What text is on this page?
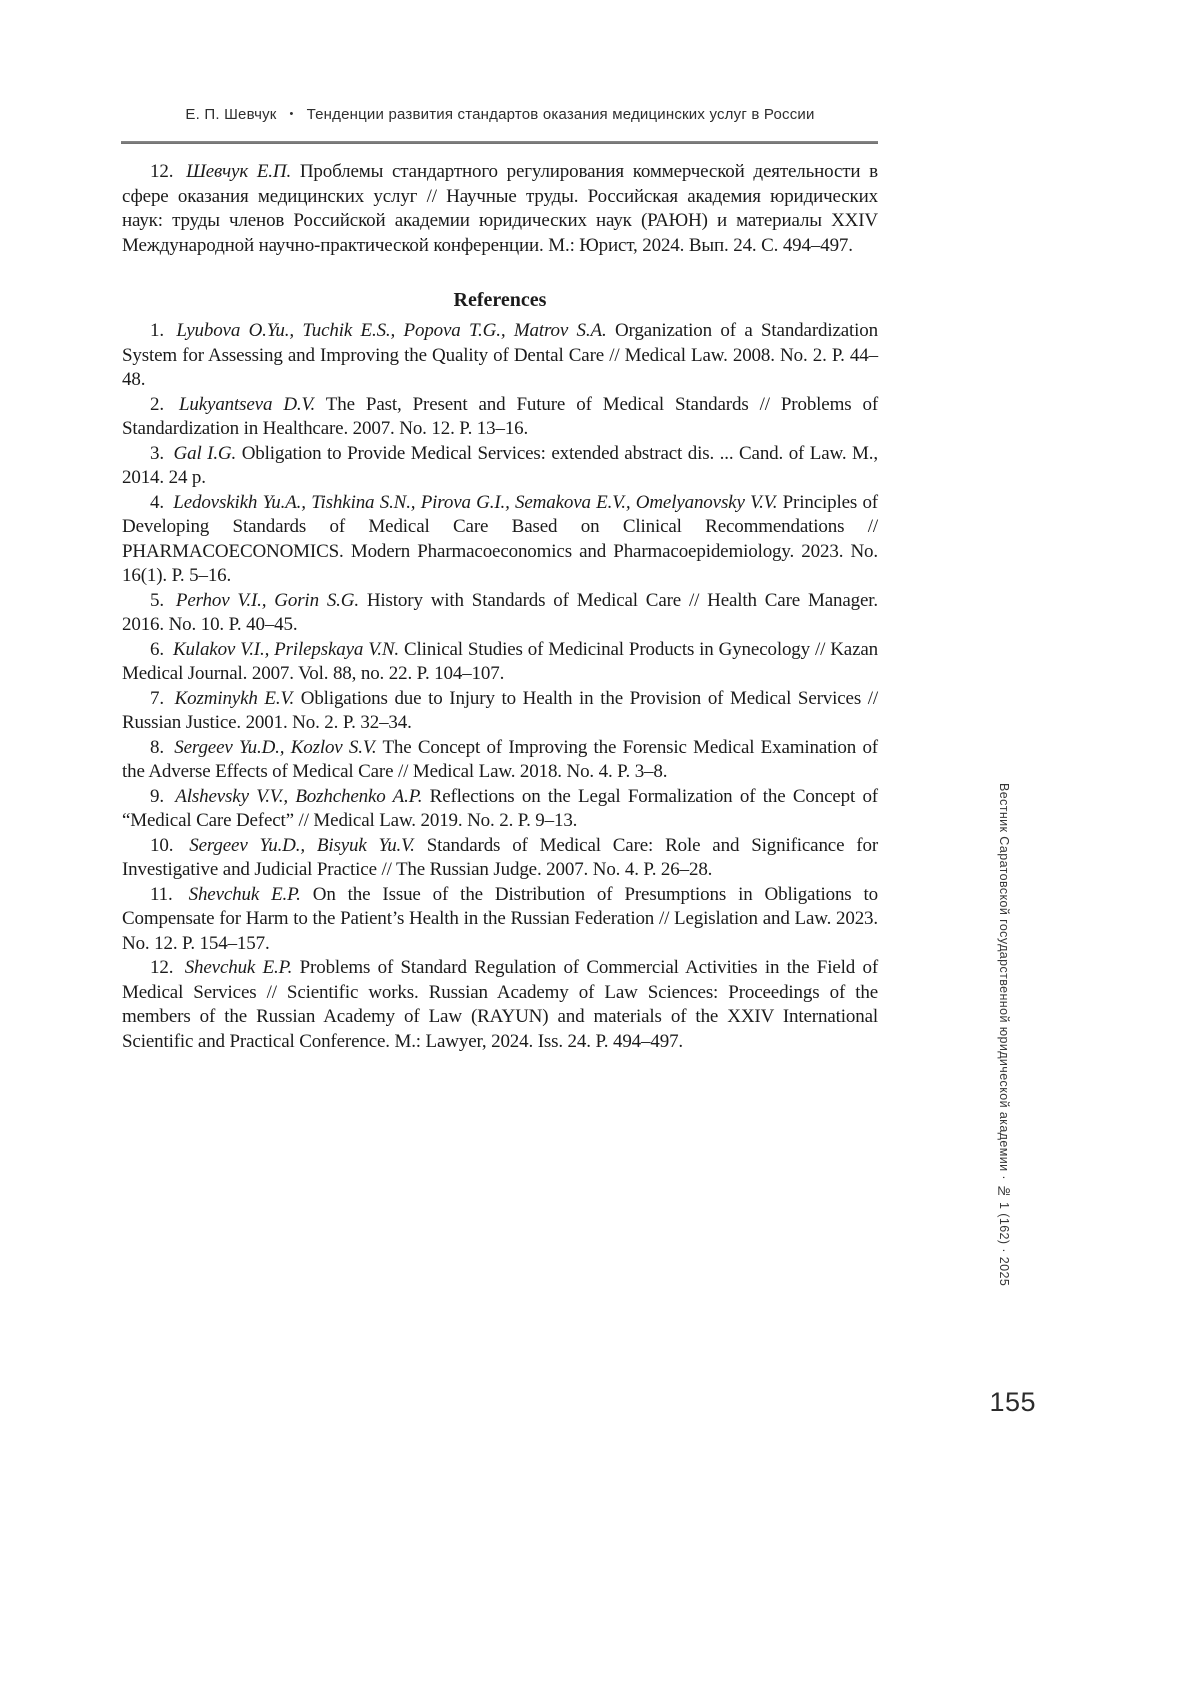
Е. П. Шевчук • Тенденции развития стандартов оказания медицинских услуг в России

12. Шевчук Е.П. Проблемы стандартного регулирования коммерческой деятельности в сфере оказания медицинских услуг // Научные труды. Российская академия юридических наук: труды членов Российской академии юридических наук (РАЮН) и материалы XXIV Международной научно-практической конференции. М.: Юрист, 2024. Вып. 24. С. 494–497.

References

1. Lyubova O.Yu., Tuchik E.S., Popova T.G., Matrov S.A. Organization of a Standardization System for Assessing and Improving the Quality of Dental Care // Medical Law. 2008. No. 2. P. 44–48.

2. Lukyantseva D.V. The Past, Present and Future of Medical Standards // Problems of Standardization in Healthcare. 2007. No. 12. P. 13–16.

3. Gal I.G. Obligation to Provide Medical Services: extended abstract dis. ... Cand. of Law. M., 2014. 24 p.

4. Ledovskikh Yu.A., Tishkina S.N., Pirova G.I., Semakova E.V., Omelyanovsky V.V. Principles of Developing Standards of Medical Care Based on Clinical Recommendations // PHARMACOECONOMICS. Modern Pharmacoeconomics and Pharmacoepidemiology. 2023. No. 16(1). P. 5–16.

5. Perhov V.I., Gorin S.G. History with Standards of Medical Care // Health Care Manager. 2016. No. 10. P. 40–45.

6. Kulakov V.I., Prilepskaya V.N. Clinical Studies of Medicinal Products in Gynecology // Kazan Medical Journal. 2007. Vol. 88, no. 22. P. 104–107.

7. Kozminykh E.V. Obligations due to Injury to Health in the Provision of Medical Services // Russian Justice. 2001. No. 2. P. 32–34.

8. Sergeev Yu.D., Kozlov S.V. The Concept of Improving the Forensic Medical Examination of the Adverse Effects of Medical Care // Medical Law. 2018. No. 4. P. 3–8.

9. Alshevsky V.V., Bozhchenko A.P. Reflections on the Legal Formalization of the Concept of “Medical Care Defect” // Medical Law. 2019. No. 2. P. 9–13.

10. Sergeev Yu.D., Bisyuk Yu.V. Standards of Medical Care: Role and Significance for Investigative and Judicial Practice // The Russian Judge. 2007. No. 4. P. 26–28.

11. Shevchuk E.P. On the Issue of the Distribution of Presumptions in Obligations to Compensate for Harm to the Patient’s Health in the Russian Federation // Legislation and Law. 2023. No. 12. P. 154–157.

12. Shevchuk E.P. Problems of Standard Regulation of Commercial Activities in the Field of Medical Services // Scientific works. Russian Academy of Law Sciences: Proceedings of the members of the Russian Academy of Law (RAYUN) and materials of the XXIV International Scientific and Practical Conference. M.: Lawyer, 2024. Iss. 24. P. 494–497.	Вестник Саратовской государственной юридической академии · № 1 (162) · 2025
155
